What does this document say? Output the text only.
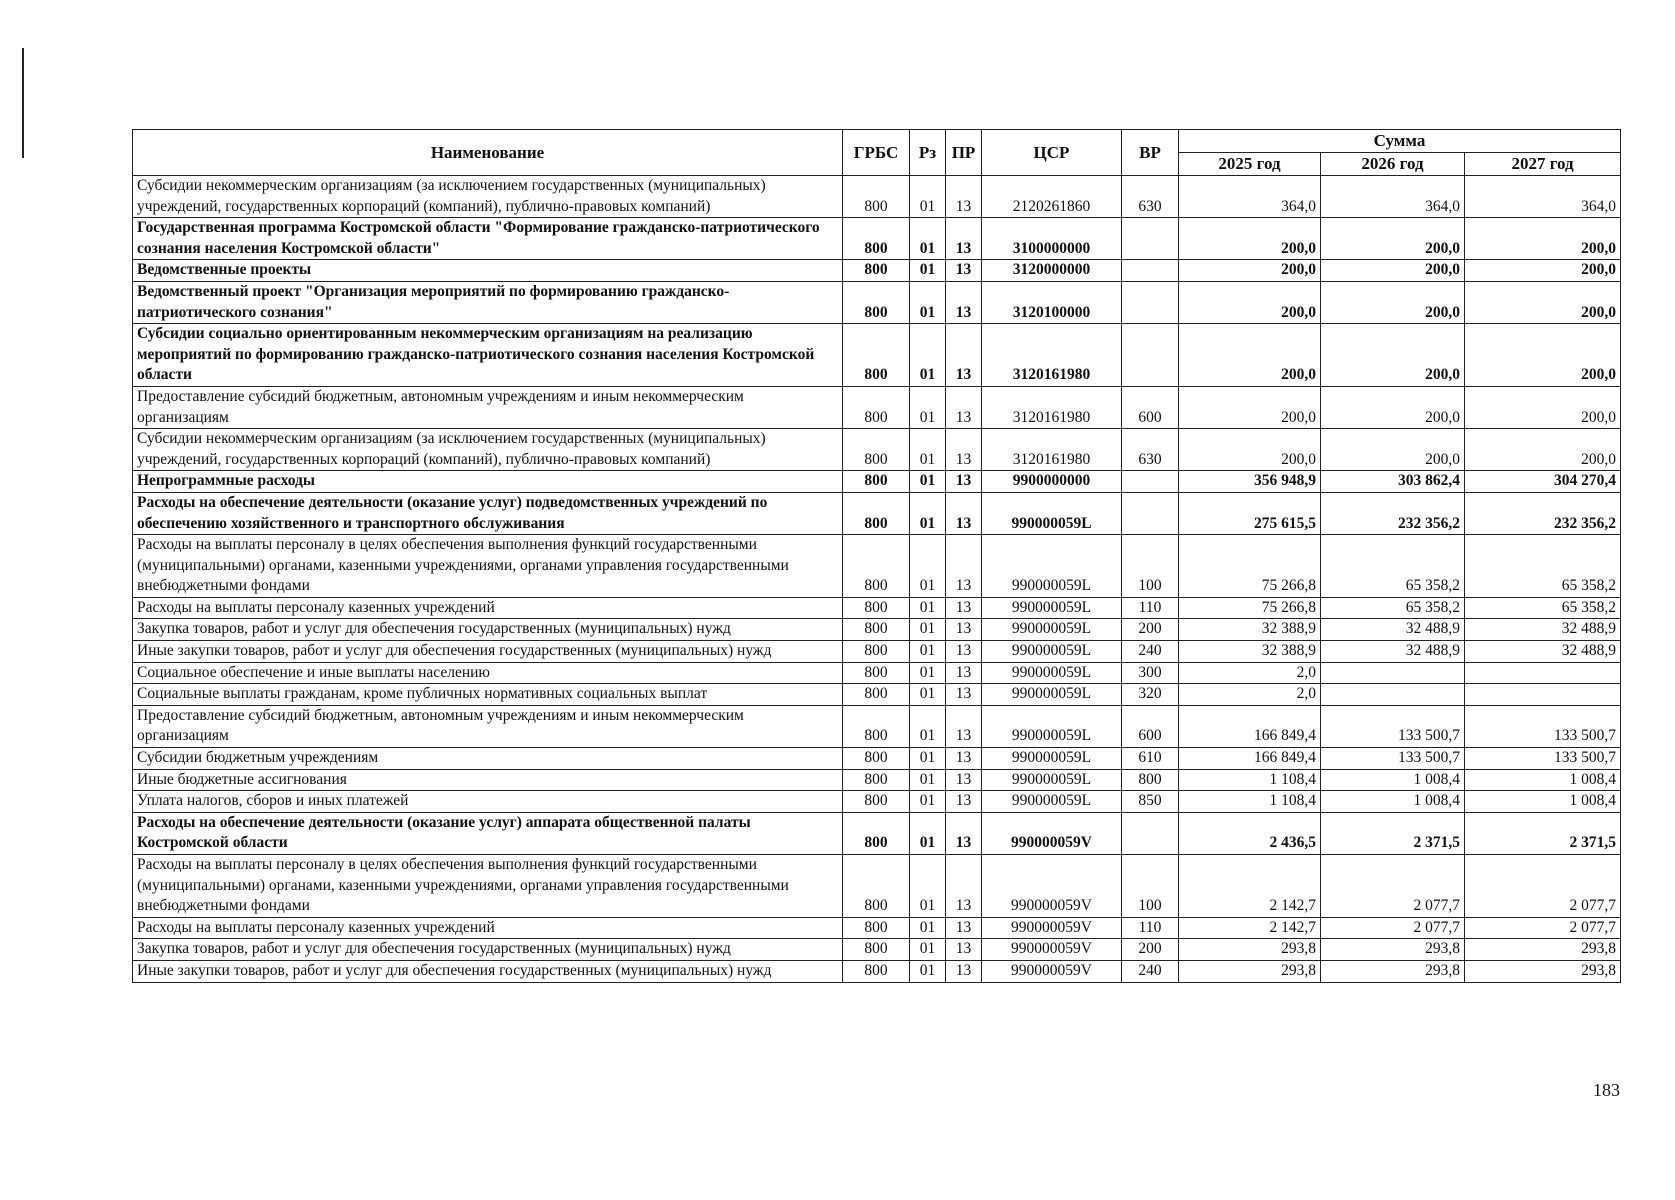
Наименование	ГРБС	Рз	ПР	ЦСР	ВР	Сумма		
						2025 год	2026 год	2027 год
Субсидии некоммерческим организациям (за исключением государственных (муниципальных) учреждений, государственных корпораций (компаний), публично-правовых компаний)	800	01	13	2120261860	630	364,0	364,0	364,0
Государственная программа Костромской области "Формирование гражданско-патриотического сознания населения Костромской области"	800	01	13	3100000000		200,0	200,0	200,0
Ведомственные проекты	800	01	13	3120000000		200,0	200,0	200,0
Ведомственный проект "Организация мероприятий по формированию гражданско-патриотического сознания"	800	01	13	3120100000		200,0	200,0	200,0
Субсидии социально ориентированным некоммерческим организациям на реализацию мероприятий по формированию гражданско-патриотического сознания населения Костромской области	800	01	13	3120161980		200,0	200,0	200,0
Предоставление субсидий бюджетным, автономным учреждениям и иным некоммерческим организациям	800	01	13	3120161980	600	200,0	200,0	200,0
Субсидии некоммерческим организациям (за исключением государственных (муниципальных) учреждений, государственных корпораций (компаний), публично-правовых компаний)	800	01	13	3120161980	630	200,0	200,0	200,0
Непрограммные расходы	800	01	13	9900000000		356 948,9	303 862,4	304 270,4
Расходы на обеспечение деятельности (оказание услуг) подведомственных учреждений по обеспечению хозяйственного и транспортного обслуживания	800	01	13	990000059L		275 615,5	232 356,2	232 356,2
Расходы на выплаты персоналу в целях обеспечения выполнения функций государственными (муниципальными) органами, казенными учреждениями, органами управления государственными внебюджетными фондами	800	01	13	990000059L	100	75 266,8	65 358,2	65 358,2
Расходы на выплаты персоналу казенных учреждений	800	01	13	990000059L	110	75 266,8	65 358,2	65 358,2
Закупка товаров, работ и услуг для обеспечения государственных (муниципальных) нужд	800	01	13	990000059L	200	32 388,9	32 488,9	32 488,9
Иные закупки товаров, работ и услуг для обеспечения государственных (муниципальных) нужд	800	01	13	990000059L	240	32 388,9	32 488,9	32 488,9
Социальное обеспечение и иные выплаты населению	800	01	13	990000059L	300	2,0		
Социальные выплаты гражданам, кроме публичных нормативных социальных выплат	800	01	13	990000059L	320	2,0		
Предоставление субсидий бюджетным, автономным учреждениям и иным некоммерческим организациям	800	01	13	990000059L	600	166 849,4	133 500,7	133 500,7
Субсидии бюджетным учреждениям	800	01	13	990000059L	610	166 849,4	133 500,7	133 500,7
Иные бюджетные ассигнования	800	01	13	990000059L	800	1 108,4	1 008,4	1 008,4
Уплата налогов, сборов и иных платежей	800	01	13	990000059L	850	1 108,4	1 008,4	1 008,4
Расходы на обеспечение деятельности (оказание услуг) аппарата общественной палаты Костромской области	800	01	13	990000059V		2 436,5	2 371,5	2 371,5
Расходы на выплаты персоналу в целях обеспечения выполнения функций государственными (муниципальными) органами, казенными учреждениями, органами управления государственными внебюджетными фондами	800	01	13	990000059V	100	2 142,7	2 077,7	2 077,7
Расходы на выплаты персоналу казенных учреждений	800	01	13	990000059V	110	2 142,7	2 077,7	2 077,7
Закупка товаров, работ и услуг для обеспечения государственных (муниципальных) нужд	800	01	13	990000059V	200	293,8	293,8	293,8
Иные закупки товаров, работ и услуг для обеспечения государственных (муниципальных) нужд	800	01	13	990000059V	240	293,8	293,8	293,8
183
